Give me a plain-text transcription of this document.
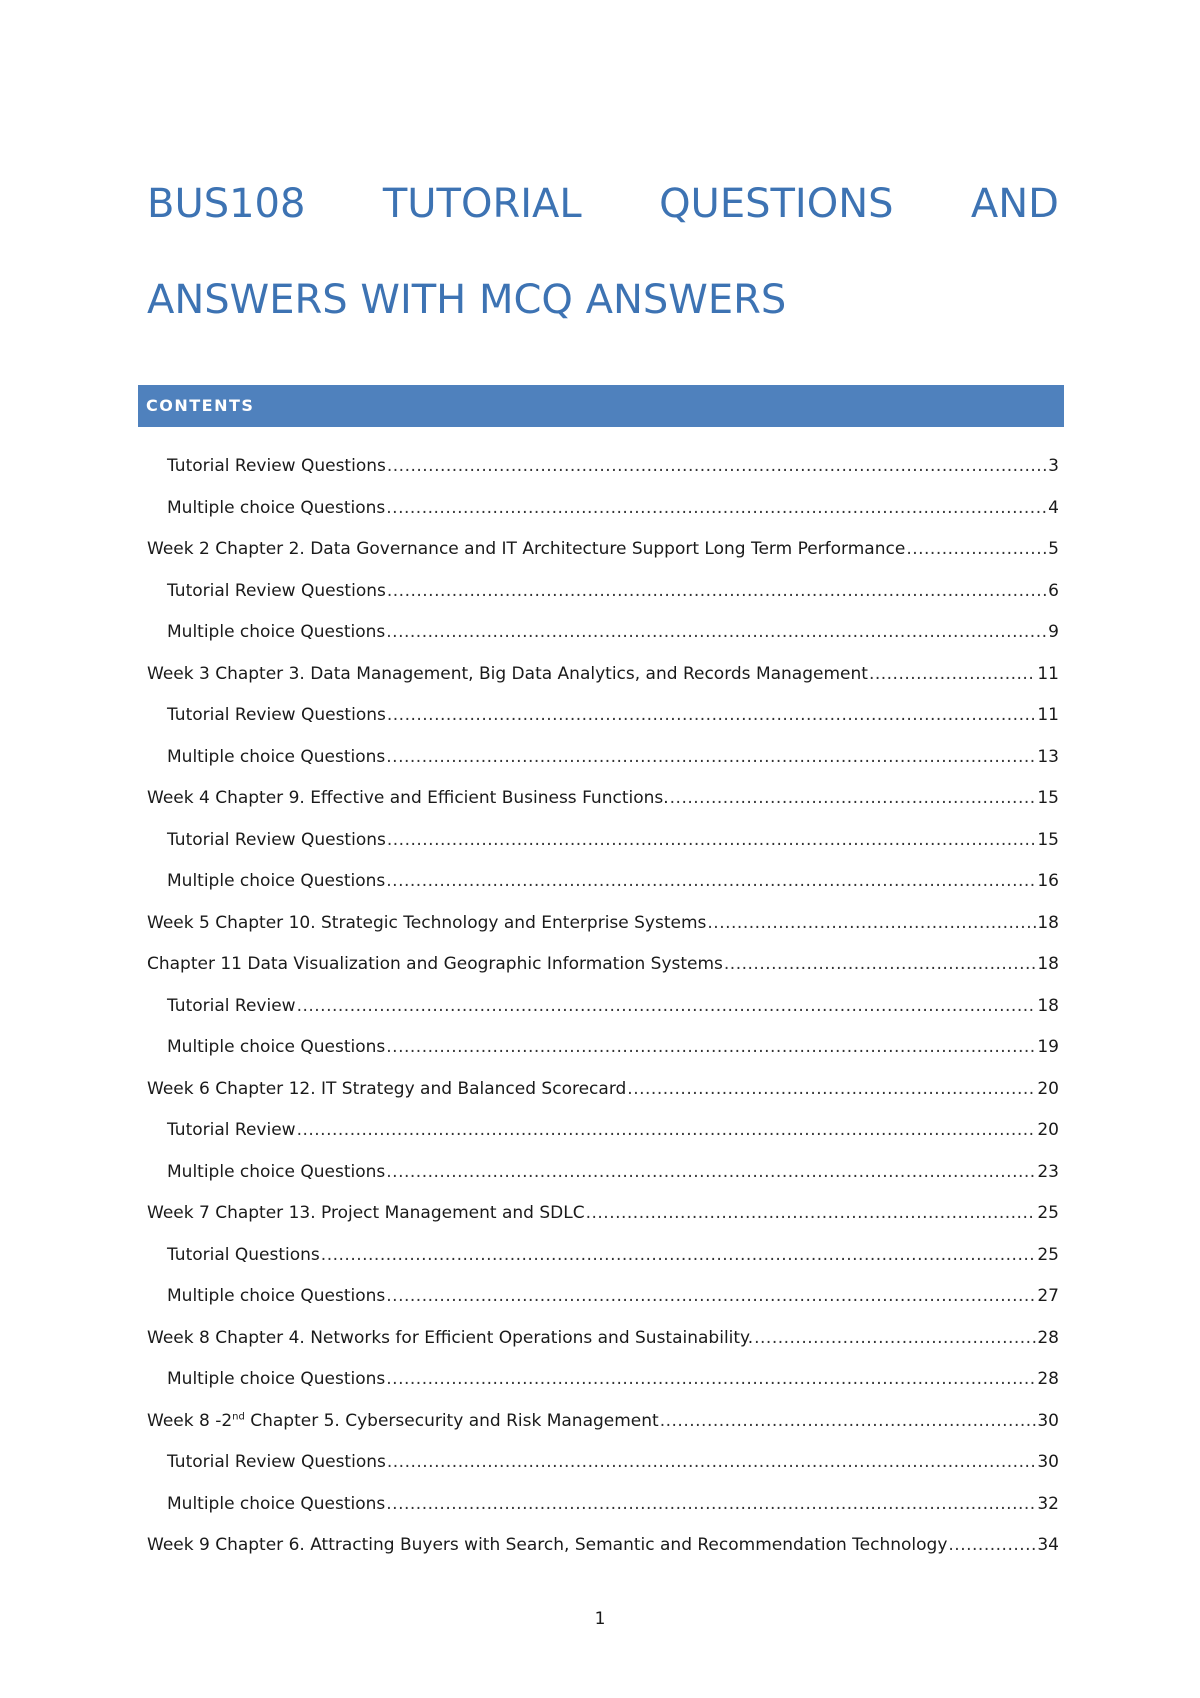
BUS108 TUTORIAL QUESTIONS AND
ANSWERS WITH MCQ ANSWERS
CONTENTS
Tutorial Review Questions .....	3
Multiple choice Questions .....	4
Week 2 Chapter 2. Data Governance and IT Architecture Support Long Term Performance .....	5
Tutorial Review Questions .....	6
Multiple choice Questions .....	9
Week 3 Chapter 3. Data Management, Big Data Analytics, and Records Management .....	11
Tutorial Review Questions .....	11
Multiple choice Questions .....	13
Week 4 Chapter 9. Effective and Efficient Business Functions. .....	15
Tutorial Review Questions .....	15
Multiple choice Questions .....	16
Week 5 Chapter 10. Strategic Technology and Enterprise Systems .....	18
Chapter 11 Data Visualization and Geographic Information Systems .....	18
Tutorial Review .....	18
Multiple choice Questions .....	19
Week 6 Chapter 12. IT Strategy and Balanced Scorecard .....	20
Tutorial Review .....	20
Multiple choice Questions .....	23
Week 7 Chapter 13. Project Management and SDLC .....	25
Tutorial Questions .....	25
Multiple choice Questions .....	27
Week 8 Chapter 4. Networks for Efficient Operations and Sustainability. .....	28
Multiple choice Questions .....	28
Week 8 -2nd Chapter 5. Cybersecurity and Risk Management .....	30
Tutorial Review Questions .....	30
Multiple choice Questions .....	32
Week 9 Chapter 6. Attracting Buyers with Search, Semantic and Recommendation Technology .....	34
1
